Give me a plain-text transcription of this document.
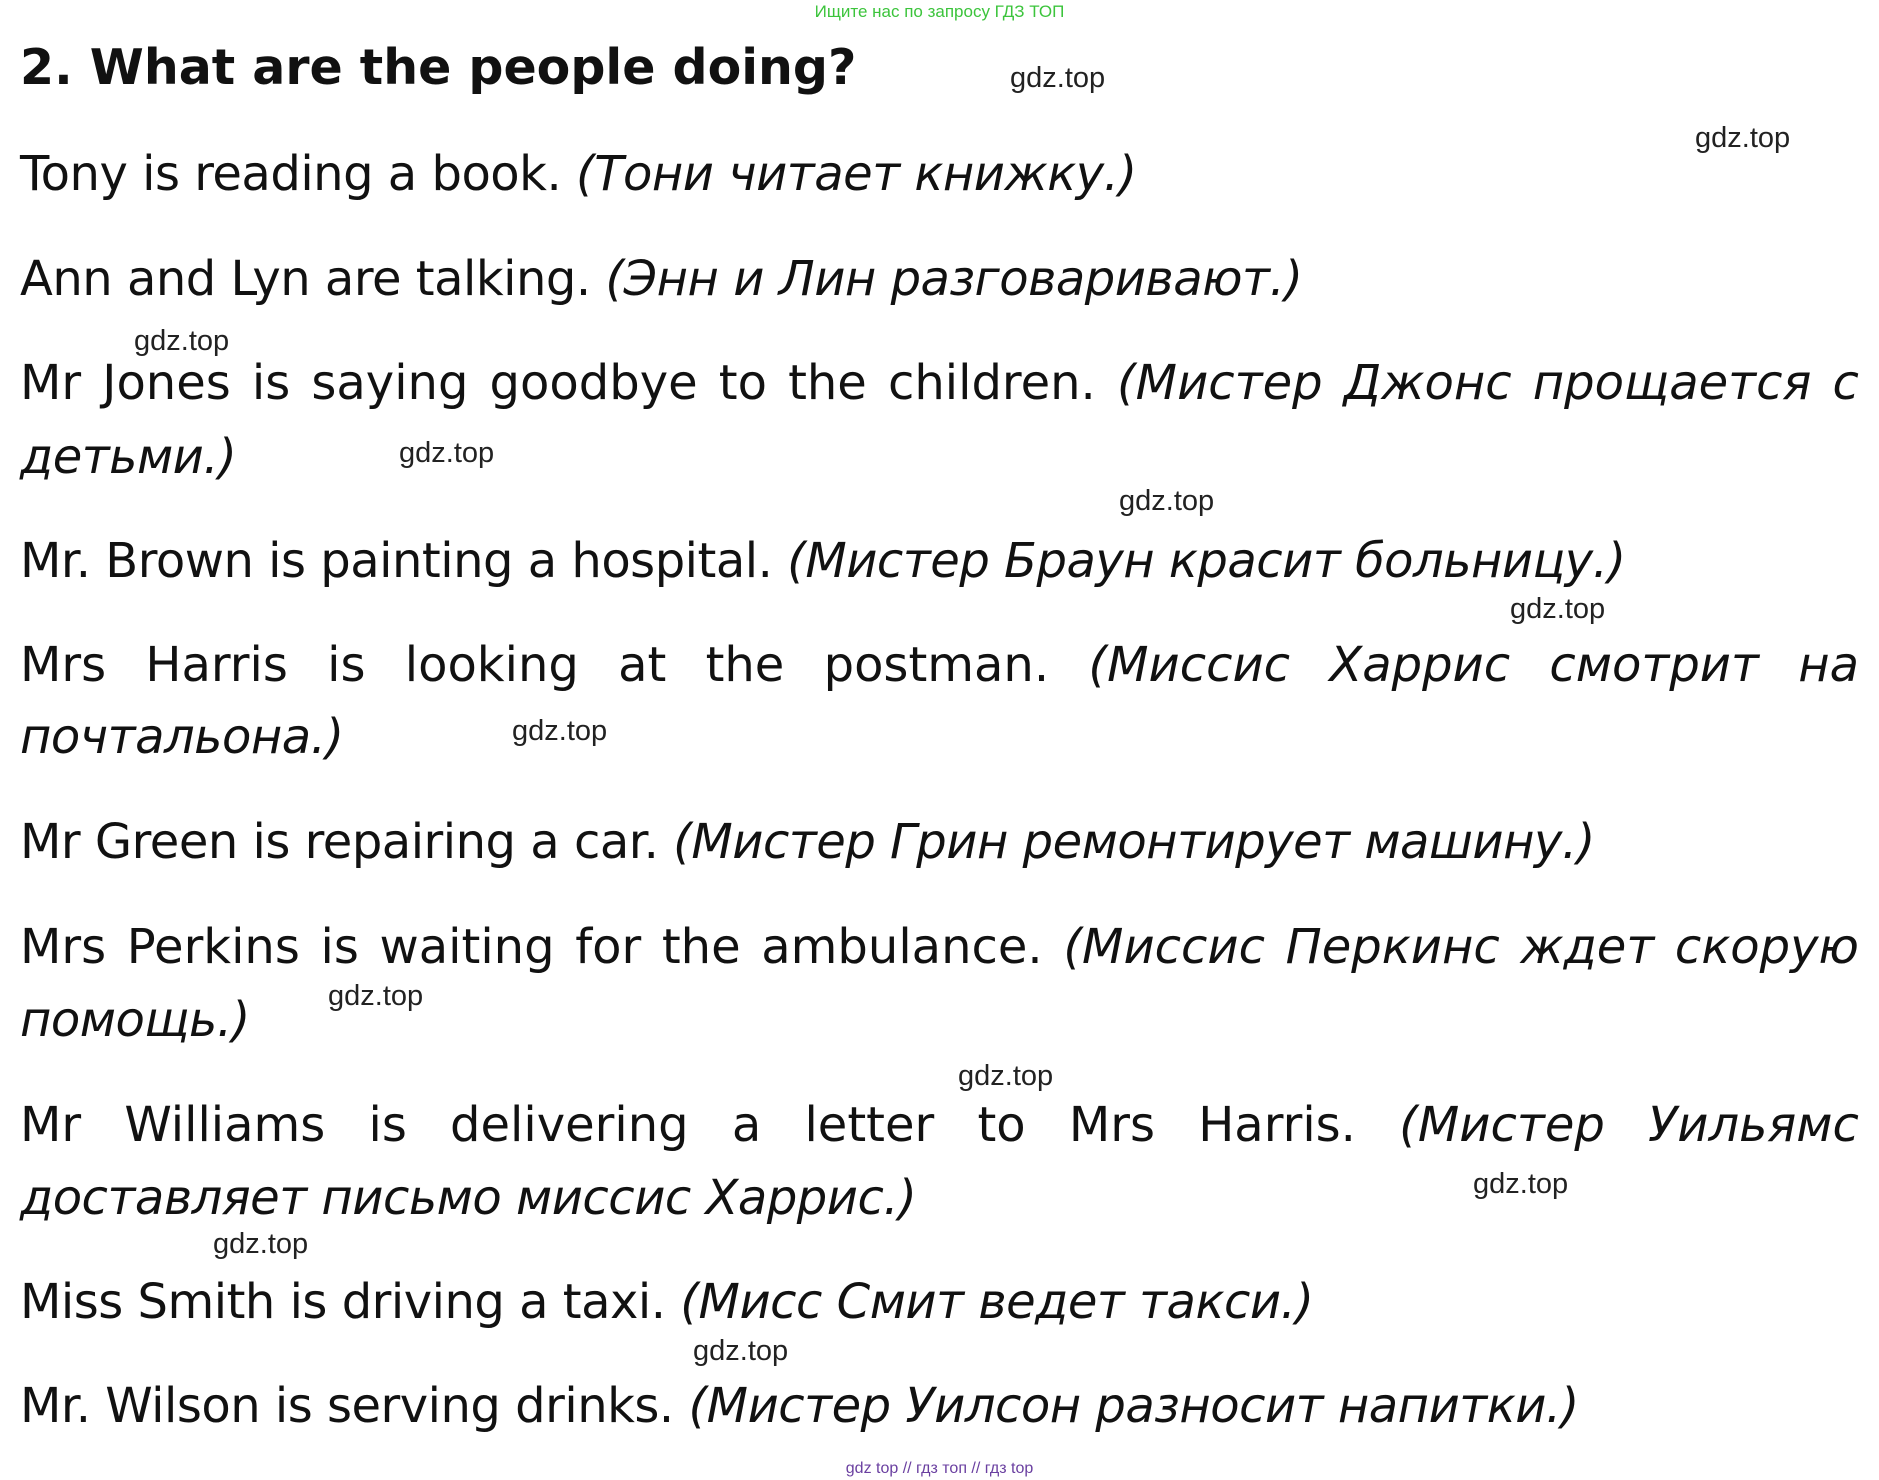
Ищите нас по запросу ГДЗ ТОП
2. What are the people doing?
Tony is reading a book. (Тони читает книжку.)
Ann and Lyn are talking. (Энн и Лин разговаривают.)
Mr Jones is saying goodbye to the children. (Мистер Джонс прощается с
детьми.)
Mr. Brown is painting a hospital. (Мистер Браун красит больницу.)
Mrs Harris is looking at the postman. (Миссис Харрис смотрит на
почтальона.)
Mr Green is repairing a car. (Мистер Грин ремонтирует машину.)
Mrs Perkins is waiting for the ambulance. (Миссис Перкинс ждет скорую
помощь.)
Mr Williams is delivering a letter to Mrs Harris. (Мистер Уильямс
доставляет письмо миссис Харрис.)
Miss Smith is driving a taxi. (Мисс Смит ведет такси.)
Mr. Wilson is serving drinks. (Мистер Уилсон разносит напитки.)
gdz.top
gdz.top
gdz.top
gdz.top
gdz.top
gdz.top
gdz.top
gdz.top
gdz.top
gdz.top
gdz.top
gdz.top
gdz top // гдз топ // гдз top
